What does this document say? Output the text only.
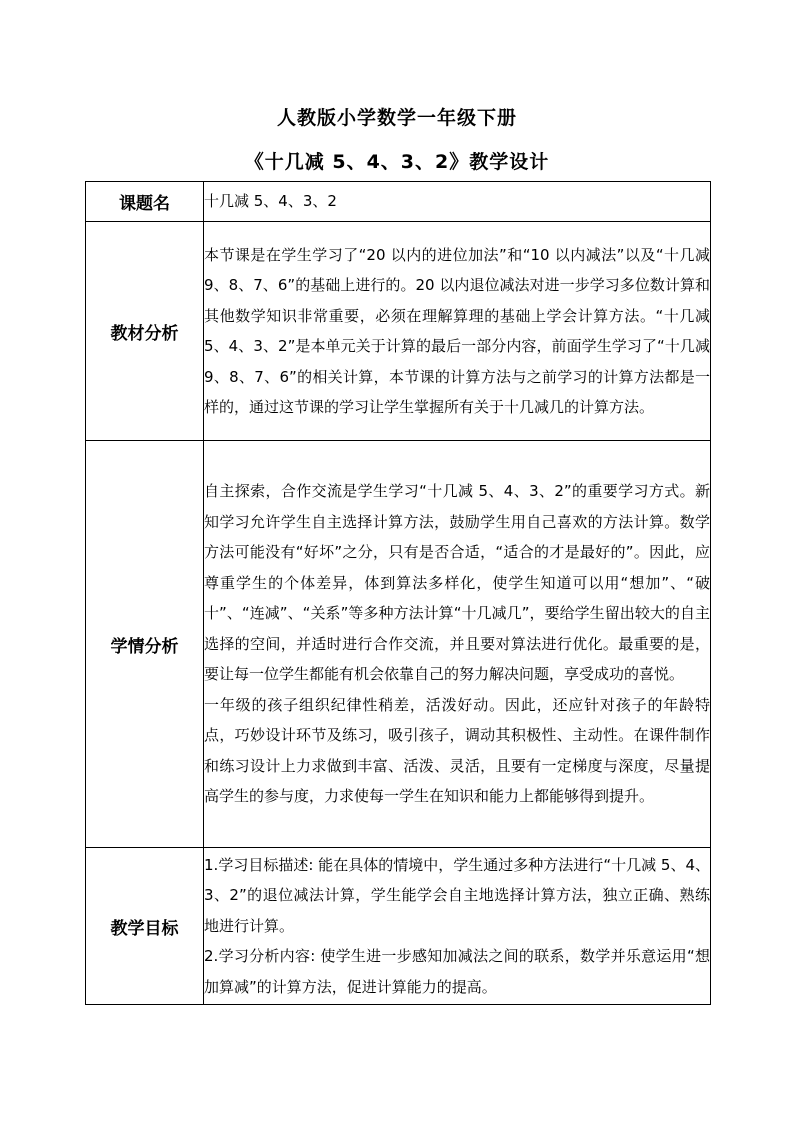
人教版小学数学一年级下册
《十几减 5、4、3、2》教学设计
课题名	十几减 5、4、3、2

教材分析	本节课是在学生学习了“20 以内的进位加法”和“10 以内减法”以及“十几减 9、8、7、6”的基础上进行的。20 以内退位减法对进一步学习多位数计算和其他数学知识非常重要，必须在理解算理的基础上学会计算方法。“十几减 5、4、3、2”是本单元关于计算的最后一部分内容，前面学生学习了“十几减 9、8、7、6”的相关计算，本节课的计算方法与之前学习的计算方法都是一样的，通过这节课的学习让学生掌握所有关于十几减几的计算方法。

学情分析	自主探索，合作交流是学生学习“十几减 5、4、3、2”的重要学习方式。新知学习允许学生自主选择计算方法，鼓励学生用自己喜欢的方法计算。数学方法可能没有“好坏”之分，只有是否合适，“适合的才是最好的”。因此，应尊重学生的个体差异，体到算法多样化，使学生知道可以用“想加”、“破十”、“连减”、“关系”等多种方法计算“十几减几”，要给学生留出较大的自主选择的空间，并适时进行合作交流，并且要对算法进行优化。最重要的是，要让每一位学生都能有机会依靠自己的努力解决问题，享受成功的喜悦。

一年级的孩子组织纪律性稍差，活泼好动。因此，还应针对孩子的年龄特点，巧妙设计环节及练习，吸引孩子，调动其积极性、主动性。在课件制作和练习设计上力求做到丰富、活泼、灵活，且要有一定梯度与深度，尽量提高学生的参与度，力求使每一学生在知识和能力上都能够得到提升。

教学目标	1.学习目标描述: 能在具体的情境中，学生通过多种方法进行“十几减 5、4、3、2”的退位减法计算，学生能学会自主地选择计算方法，独立正确、熟练地进行计算。

2.学习分析内容: 使学生进一步感知加减法之间的联系，数学并乐意运用“想加算减”的计算方法，促进计算能力的提高。
